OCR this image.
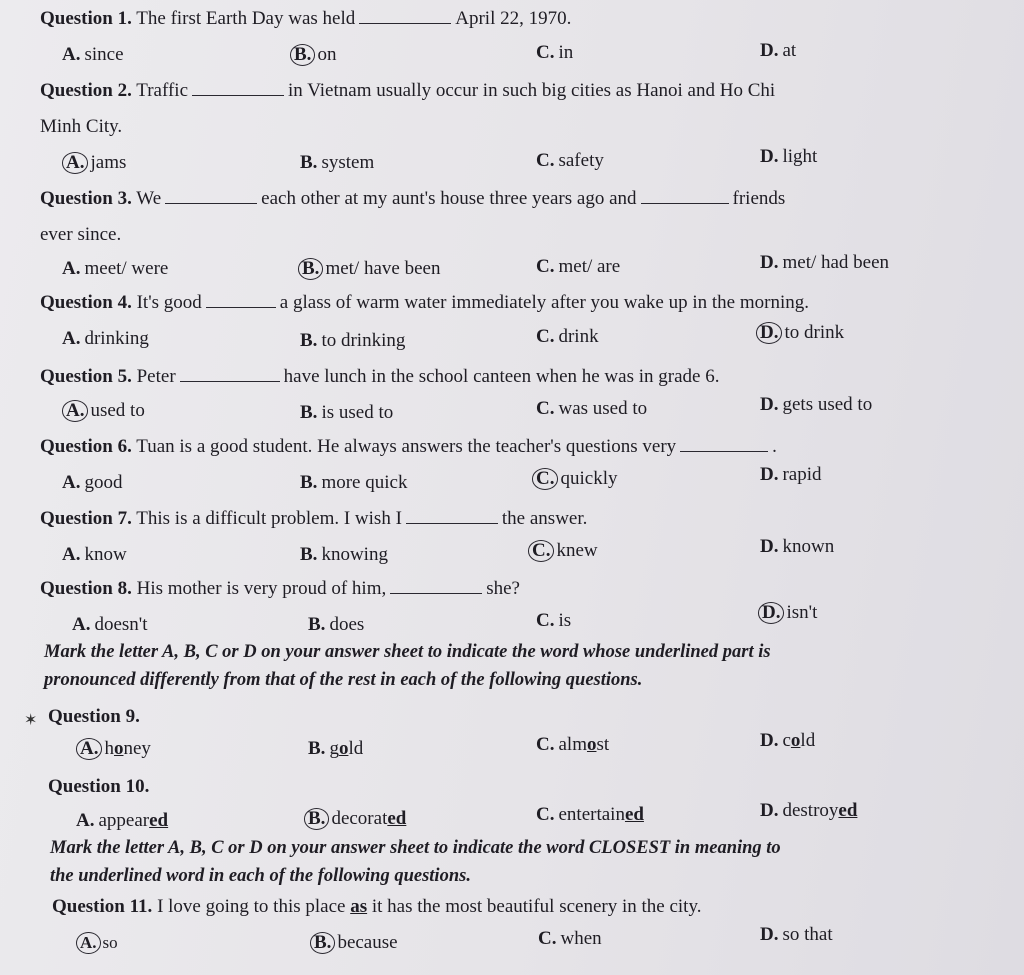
Question 1. The first Earth Day was held	April 22, 1970.
A. since	B. on	C. in	D. at
Question 2. Traffic	in Vietnam usually occur in such big cities as Hanoi and Ho Chi
Minh City.
A. jams	B. system	C. safety	D. light
Question 3. We	each other at my aunt's house three years ago and	friends
ever since.
A. meet/ were	B. met/ have been	C. met/ are	D. met/ had been
Question 4. It's good	a glass of warm water immediately after you wake up in the morning.
A. drinking	B. to drinking	C. drink	D. to drink
Question 5. Peter	have lunch in the school canteen when he was in grade 6.
A. used to	B. is used to	C. was used to	D. gets used to
Question 6. Tuan is a good student. He always answers the teacher's questions very	.
A. good	B. more quick	C. quickly	D. rapid
Question 7. This is a difficult problem. I wish I	the answer.
A. know	B. knowing	C. knew	D. known
Question 8. His mother is very proud of him,	she?
A. doesn't	B. does	C. is	D. isn't
Mark the letter A, B, C or D on your answer sheet to indicate the word whose underlined part is
pronounced differently from that of the rest in each of the following questions.
✶ Question 9.
A. honey	B. gold	C. almost	D. cold
Question 10.
A. appeared	B. decorated	C. entertained	D. destroyed
Mark the letter A, B, C or D on your answer sheet to indicate the word CLOSEST in meaning to
the underlined word in each of the following questions.
Question 11. I love going to this place as it has the most beautiful scenery in the city.
A. so	B. because	C. when	D. so that
